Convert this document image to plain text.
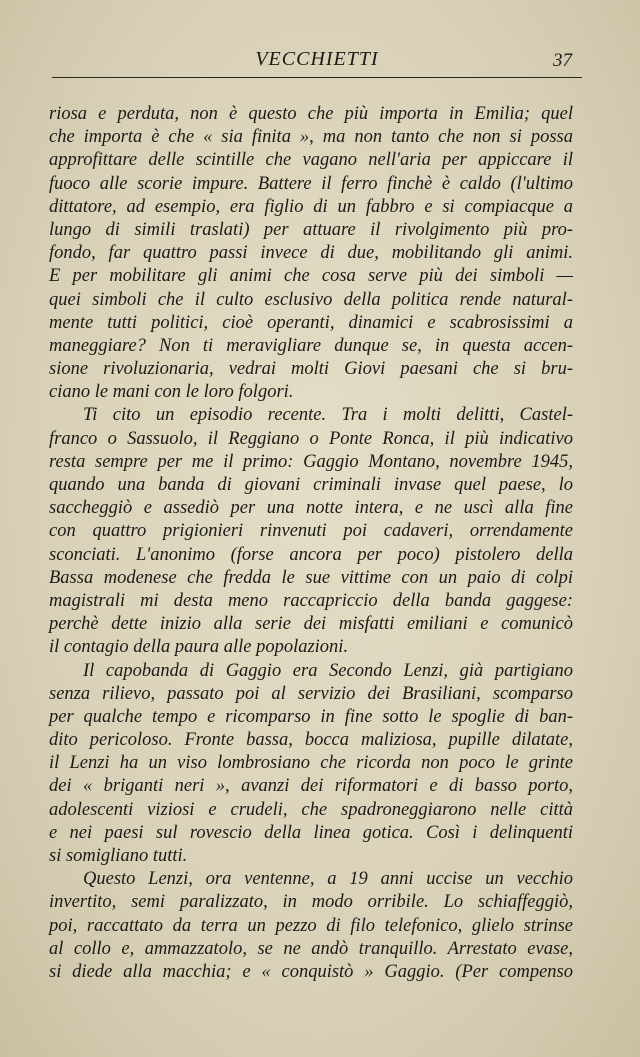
VECCHIETTI	37
riosa e perduta, non è questo che più importa in Emilia; quel
che importa è che « sia finita », ma non tanto che non si possa
approfittare delle scintille che vagano nell'aria per appiccare il
fuoco alle scorie impure. Battere il ferro finchè è caldo (l'ultimo
dittatore, ad esempio, era figlio di un fabbro e si compiacque a
lungo di simili traslati) per attuare il rivolgimento più pro-
fondo, far quattro passi invece di due, mobilitando gli animi.
E per mobilitare gli animi che cosa serve più dei simboli —
quei simboli che il culto esclusivo della politica rende natural-
mente tutti politici, cioè operanti, dinamici e scabrosissimi a
maneggiare? Non ti meravigliare dunque se, in questa accen-
sione rivoluzionaria, vedrai molti Giovi paesani che si bru-
ciano le mani con le loro folgori.
Ti cito un episodio recente. Tra i molti delitti, Castel-
franco o Sassuolo, il Reggiano o Ponte Ronca, il più indicativo
resta sempre per me il primo: Gaggio Montano, novembre 1945,
quando una banda di giovani criminali invase quel paese, lo
saccheggiò e assediò per una notte intera, e ne uscì alla fine
con quattro prigionieri rinvenuti poi cadaveri, orrendamente
sconciati. L'anonimo (forse ancora per poco) pistolero della
Bassa modenese che fredda le sue vittime con un paio di colpi
magistrali mi desta meno raccapriccio della banda gaggese:
perchè dette inizio alla serie dei misfatti emiliani e comunicò
il contagio della paura alle popolazioni.
Il capobanda di Gaggio era Secondo Lenzi, già partigiano
senza rilievo, passato poi al servizio dei Brasiliani, scomparso
per qualche tempo e ricomparso in fine sotto le spoglie di ban-
dito pericoloso. Fronte bassa, bocca maliziosa, pupille dilatate,
il Lenzi ha un viso lombrosiano che ricorda non poco le grinte
dei « briganti neri », avanzi dei riformatori e di basso porto,
adolescenti viziosi e crudeli, che spadroneggiarono nelle città
e nei paesi sul rovescio della linea gotica. Così i delinquenti
si somigliano tutti.
Questo Lenzi, ora ventenne, a 19 anni uccise un vecchio
invertito, semi paralizzato, in modo orribile. Lo schiaffeggiò,
poi, raccattato da terra un pezzo di filo telefonico, glielo strinse
al collo e, ammazzatolo, se ne andò tranquillo. Arrestato evase,
si diede alla macchia; e « conquistò » Gaggio. (Per compenso
